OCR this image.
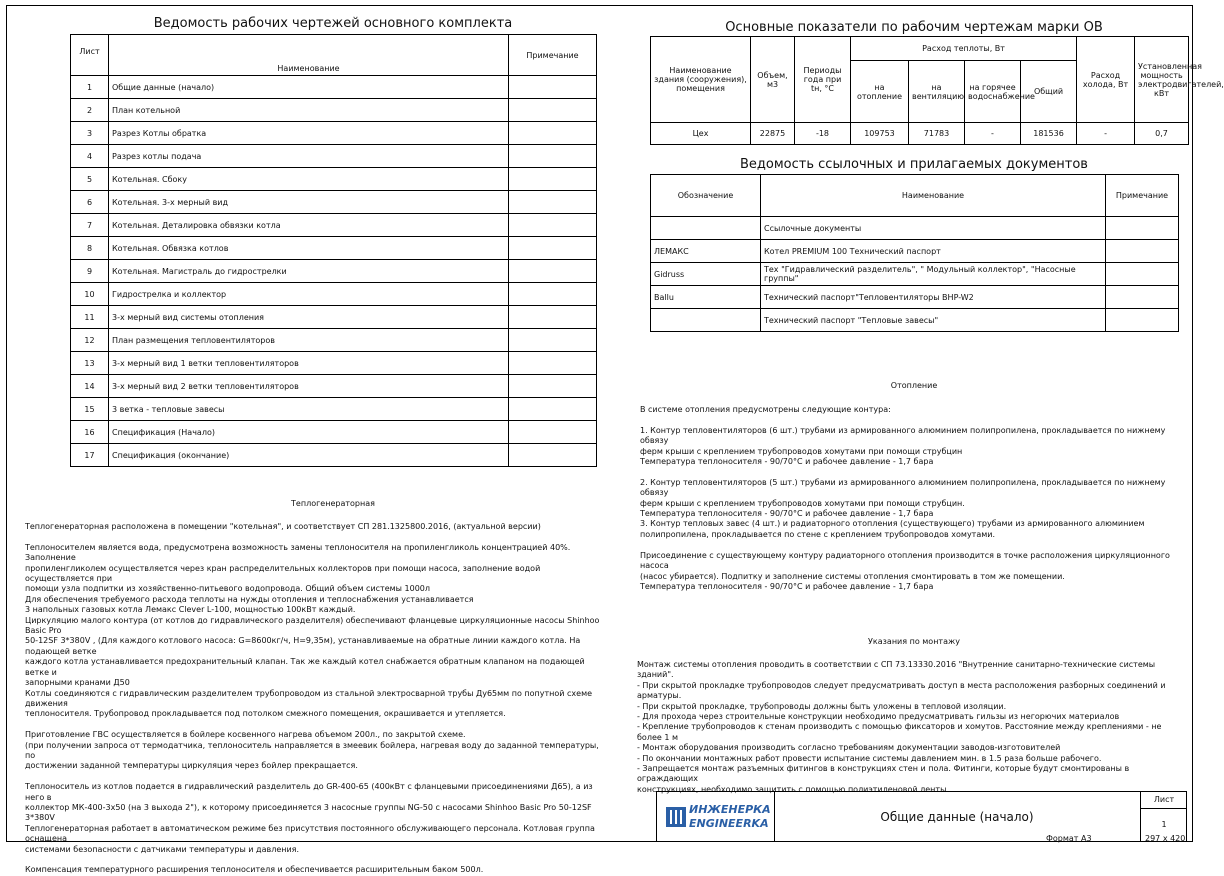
Ведомость рабочих чертежей основного комплекта
Лист	Наименование	Примечание
1	Общие данные (начало)	
2	План котельной	
3	Разрез Котлы обратка	
4	Разрез котлы подача	
5	Котельная. Сбоку	
6	Котельная. 3-х мерный вид	
7	Котельная. Деталировка обвязки котла	
8	Котельная. Обвязка котлов	
9	Котельная. Магистраль до гидрострелки	
10	Гидрострелка и коллектор	
11	3-х мерный вид системы отопления	
12	План размещения тепловентиляторов	
13	3-х мерный вид 1 ветки тепловентиляторов	
14	3-х мерный вид 2 ветки тепловентиляторов	
15	3 ветка - тепловые завесы	
16	Спецификация (Начало)	
17	Спецификация (окончание)	
Основные показатели по рабочим чертежам марки ОВ
Наименование здания (сооружения), помещения	Объем, м3	Периоды года при tн, °С	Расход теплоты, Вт				Расход холода, Вт	Установленная мощность электродвигателей, кВт
			на отопление	на вентиляцию	на горячее водоснабжение	Общий		
Цех	22875	-18	109753	71783	-	181536	-	0,7
Ведомость ссылочных и прилагаемых документов
Обозначение	Наименование	Примечание
	Ссылочные документы	
ЛЕМАКС	Котел PREMIUM 100 Технический паспорт	
Gidruss	Тех "Гидравлический разделитель", " Модульный коллектор", "Насосные группы"	
Ballu	Технический паспорт"Тепловентиляторы BHP-W2	
	Технический паспорт "Тепловые завесы"	
Теплогенераторная
Теплогенераторная расположена в помещении "котельная", и соответствует СП 281.1325800.2016, (актуальной версии)

Теплоносителем является вода, предусмотрена возможность замены теплоносителя на пропиленгликоль концентрацией 40%. Заполнение
пропиленгликолем осуществляется через кран распределительных коллекторов при помощи насоса, заполнение водой осуществляется при
помощи узла подпитки из хозяйственно-питьевого водопровода. Общий объем системы 1000л
Для обеспечения требуемого расхода теплоты на нужды отопления и теплоснабжения устанавливается
3 напольных газовых котла Лемакс Clever L-100, мощностью 100кВт каждый.
Циркуляцию малого контура (от котлов до гидравлического разделителя) обеспечивают фланцевые циркуляционные насосы Shinhoo Basic Pro
50-12SF 3*380V , (Для каждого котлового насоса: G=8600кг/ч, H=9,35м), устанавливаемые на обратные линии каждого котла. На подающей ветке
каждого котла устанавливается предохранительный клапан. Так же каждый котел снабжается обратным клапаном на подающей ветке и
запорными кранами Д50
Котлы соединяются с гидравлическим разделителем трубопроводом из стальной электросварной трубы Ду65мм по попутной схеме движения
теплоносителя. Трубопровод прокладывается под потолком смежного помещения, окрашивается и утепляется.

Приготовление ГВС осуществляется в бойлере косвенного нагрева объемом 200л., по закрытой схеме.
(при получении запроса от термодатчика, теплоноситель направляется в змеевик бойлера, нагревая воду до заданной температуры, по
достижении заданной температуры циркуляция через бойлер прекращается.

Теплоноситель из котлов подается в гидравлический разделитель до GR-400-65 (400кВт с фланцевыми присоединениями Д65), а из него в
коллектор МК-400-3х50 (на 3 выхода 2"), к которому присоединяется 3 насосные группы NG-50 с насосами Shinhoo Basic Pro 50-12SF 3*380V
Теплогенераторная работает в автоматическом режиме без присутствия постоянного обслуживающего персонала. Котловая группа оснащена
системами безопасности с датчиками температуры и давления.

Компенсация температурного расширения теплоносителя и обеспечивается расширительным баком 500л.
Отопление
В системе отопления предусмотрены следующие контура:

1. Контур тепловентиляторов (6 шт.) трубами из армированного алюминием полипропилена, прокладывается по нижнему обвязу
ферм крыши с креплением трубопроводов хомутами при помощи струбцин
Температура теплоносителя - 90/70°С и рабочее давление - 1,7 бара

2. Контур тепловентиляторов (5 шт.) трубами из армированного алюминием полипропилена, прокладывается по нижнему обвязу
ферм крыши с креплением трубопроводов хомутами при помощи струбцин.
Температура теплоносителя - 90/70°С и рабочее давление - 1,7 бара
3. Контур тепловых завес (4 шт.) и радиаторного отопления (существующего) трубами из армированного алюминием
полипропилена, прокладывается по стене с креплением трубопроводов хомутами.

Присоединение с существующему контуру радиаторного отопления производится в точке расположения циркуляционного насоса
(насос убирается). Подпитку и заполнение системы отопления смонтировать в том же помещении.
Температура теплоносителя - 90/70°С и рабочее давление - 1,7 бара
Указания по монтажу
Монтаж системы отопления проводить в соответствии с СП 73.13330.2016 "Внутренние санитарно-технические системы зданий".
- При скрытой прокладке трубопроводов следует предусматривать доступ в места расположения разборных соединений и
арматуры.
- При скрытой прокладке, трубопроводы должны быть уложены в тепловой изоляции.
- Для прохода через строительные конструкции необходимо предусматривать гильзы из негорючих материалов
- Крепление трубопроводов к стенам производить с помощью фиксаторов и хомутов. Расстояние между креплениями - не более 1 м
- Монтаж оборудования производить согласно требованиям документации заводов-изготовителей
- По окончании монтажных работ провести испытание системы давлением мин. в 1.5 раза больше рабочего.
- Запрещается монтаж разъемных фитингов в конструкциях стен и пола. Фитинги, которые будут смонтированы в ограждающих
конструкциях, необходимо защитить с помощью полиэтиленовой ленты
ИНЖЕНЕРКА
ENGINEERKA	Общие данные (начало)
Лист
1
Формат А3	297 x 420
